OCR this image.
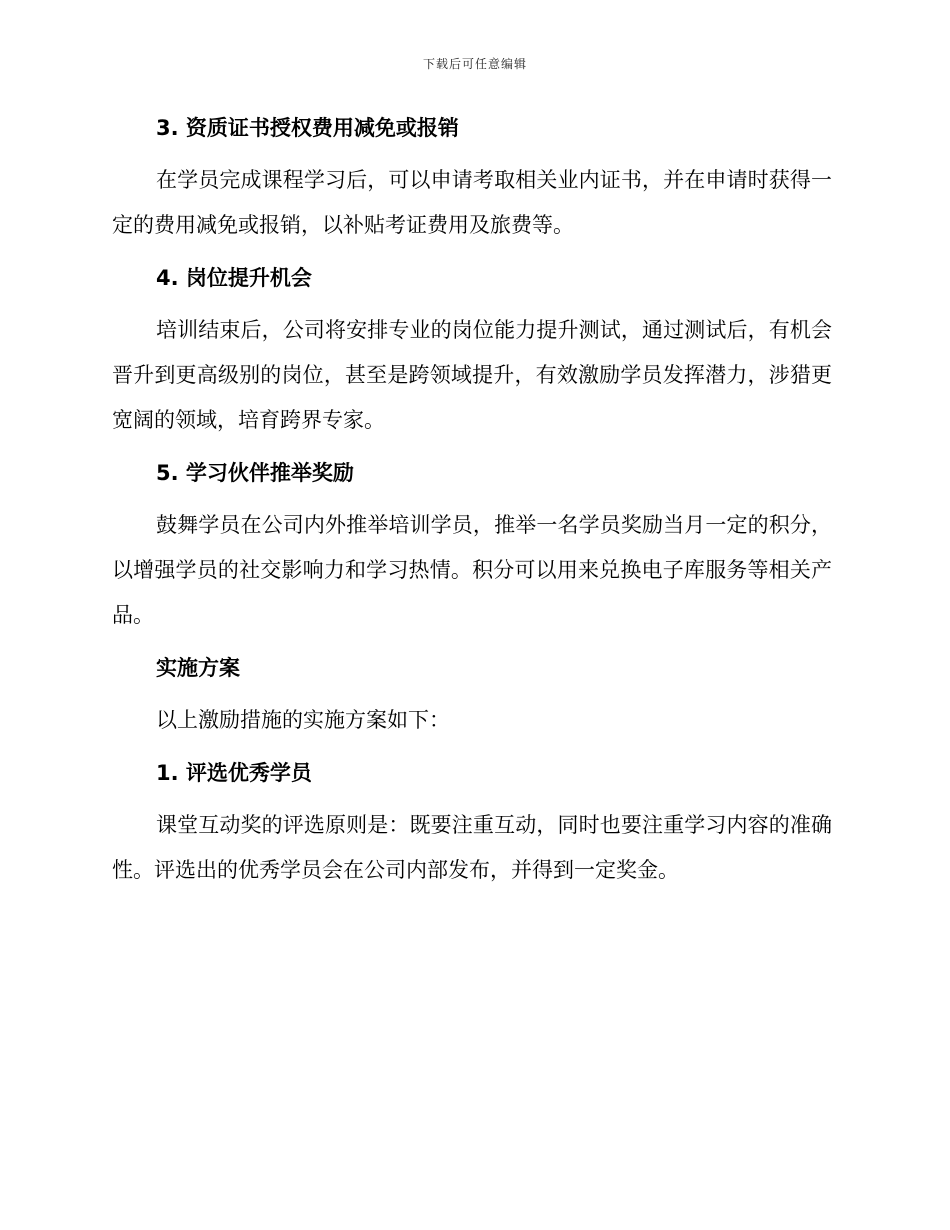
下载后可任意编辑
3. 资质证书授权费用减免或报销

在学员完成课程学习后，可以申请考取相关业内证书，并在申请时获得一定的费用减免或报销，以补贴考证费用及旅费等。

4. 岗位提升机会

培训结束后，公司将安排专业的岗位能力提升测试，通过测试后，有机会晋升到更高级别的岗位，甚至是跨领域提升，有效激励学员发挥潜力，涉猎更宽阔的领域，培育跨界专家。

5. 学习伙伴推举奖励

鼓舞学员在公司内外推举培训学员，推举一名学员奖励当月一定的积分，以增强学员的社交影响力和学习热情。积分可以用来兑换电子库服务等相关产品。

实施方案

以上激励措施的实施方案如下：

1. 评选优秀学员

课堂互动奖的评选原则是：既要注重互动，同时也要注重学习内容的准确性。评选出的优秀学员会在公司内部发布，并得到一定奖金。
